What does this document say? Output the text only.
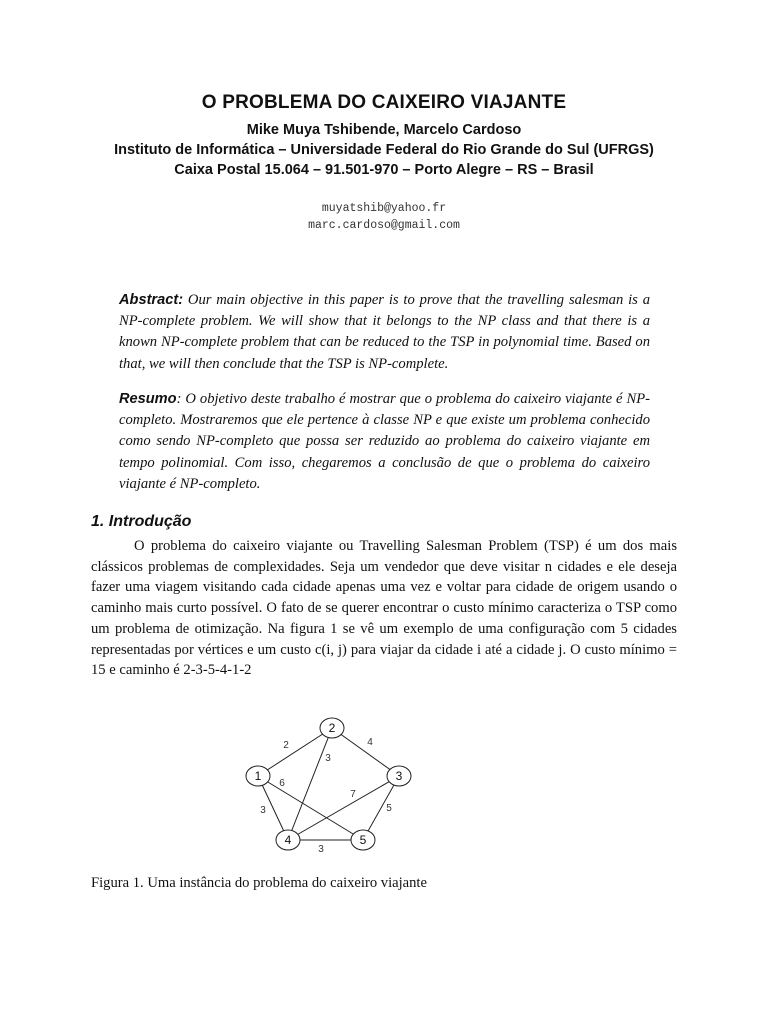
O PROBLEMA DO CAIXEIRO VIAJANTE
Mike Muya Tshibende, Marcelo Cardoso
Instituto de Informática – Universidade Federal do Rio Grande do Sul (UFRGS)
Caixa Postal 15.064 – 91.501-970 – Porto Alegre – RS – Brasil
muyatshib@yahoo.fr
marc.cardoso@gmail.com

Abstract: Our main objective in this paper is to prove that the travelling salesman is a NP-complete problem. We will show that it belongs to the NP class and that there is a known NP-complete problem that can be reduced to the TSP in polynomial time. Based on that, we will then conclude that the TSP is NP-complete.

Resumo: O objetivo deste trabalho é mostrar que o problema do caixeiro viajante é NP-completo. Mostraremos que ele pertence à classe NP e que existe um problema conhecido como sendo NP-completo que possa ser reduzido ao problema do caixeiro viajante em tempo polinomial. Com isso, chegaremos a conclusão de que o problema do caixeiro viajante é NP-completo.

1. Introdução

O problema do caixeiro viajante ou Travelling Salesman Problem (TSP) é um dos mais clássicos problemas de complexidades. Seja um vendedor que deve visitar n cidades e ele deseja fazer uma viagem visitando cada cidade apenas uma vez e voltar para cidade de origem usando o caminho mais curto possível. O fato de se querer encontrar o custo mínimo caracteriza o TSP como um problema de otimização. Na figura 1 se vê um exemplo de uma configuração com 5 cidades representadas por vértices e um custo c(i, j) para viajar da cidade i até a cidade j. O custo mínimo = 15 e caminho é 2-3-5-4-1-2

2	4
3
6
7
3	5
3
1
2
3
4	5
Figura 1. Uma instância do problema do caixeiro viajante
